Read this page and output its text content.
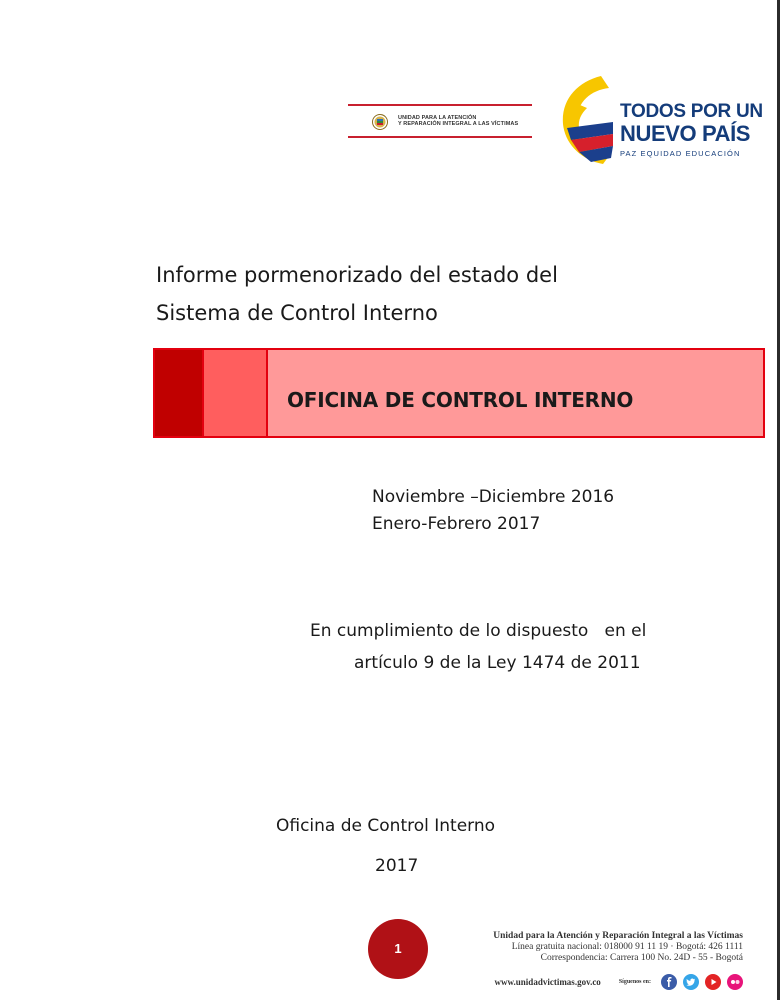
UNIDAD PARA LA ATENCIÓN
Y REPARACIÓN INTEGRAL A LAS VÍCTIMAS
TODOS POR UN
NUEVO PAÍS
PAZ EQUIDAD EDUCACIÓN
Informe pormenorizado del estado del
Sistema de Control Interno
OFICINA DE CONTROL INTERNO
Noviembre –Diciembre 2016
Enero-Febrero 2017
En cumplimiento de lo dispuesto   en el
artículo 9 de la Ley 1474 de 2011
Oficina de Control Interno
2017
1
Unidad para la Atención y Reparación Integral a las Víctimas
Línea gratuita nacional: 018000 91 11 19 · Bogotá: 426 1111
Correspondencia: Carrera 100 No. 24D - 55 - Bogotá
www.unidadvictimas.gov.co	Síguenos en:
